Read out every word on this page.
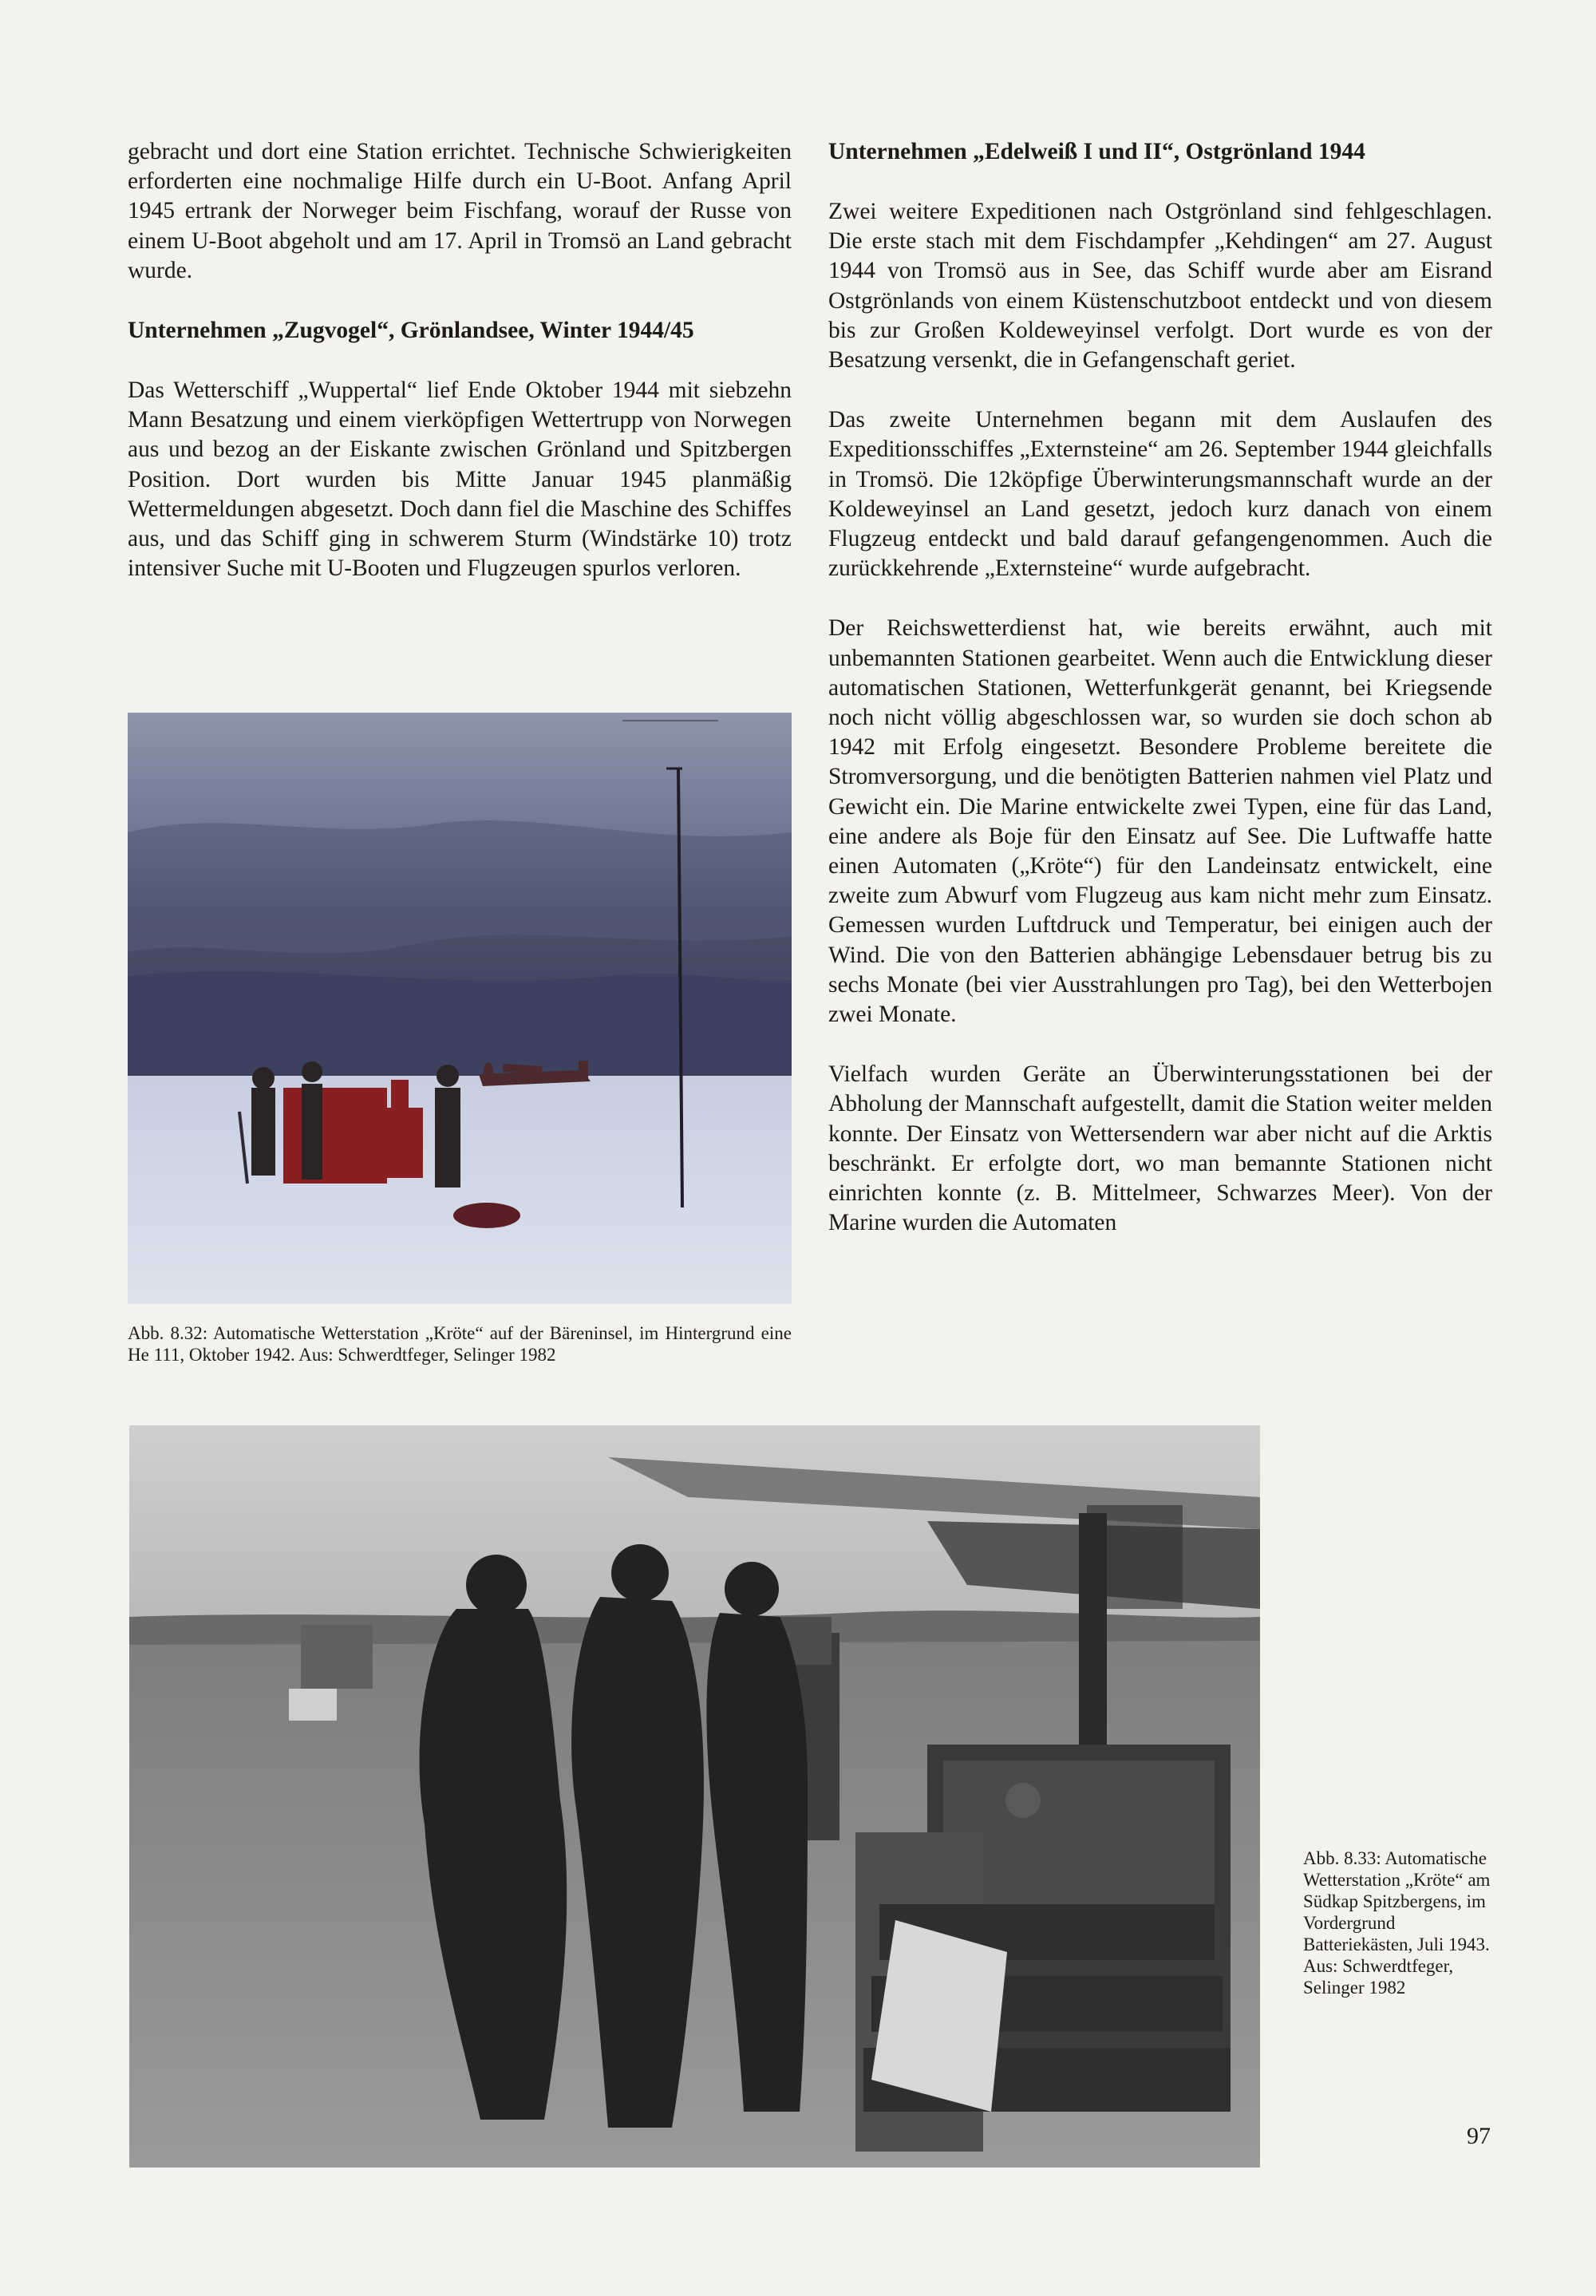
gebracht und dort eine Station errichtet. Technische Schwierigkeiten erforderten eine nochmalige Hilfe durch ein U-Boot. Anfang April 1945 ertrank der Norweger beim Fischfang, worauf der Russe von einem U-Boot abgeholt und am 17. April in Tromsö an Land gebracht wurde.

Unternehmen „Zugvogel“, Grönlandsee, Winter 1944/45

Das Wetterschiff „Wuppertal“ lief Ende Oktober 1944 mit siebzehn Mann Besatzung und einem vierköpfigen Wettertrupp von Norwegen aus und bezog an der Eiskante zwischen Grönland und Spitzbergen Position. Dort wurden bis Mitte Januar 1945 planmäßig Wettermeldungen abgesetzt. Doch dann fiel die Maschine des Schiffes aus, und das Schiff ging in schwerem Sturm (Windstärke 10) trotz intensiver Suche mit U-Booten und Flugzeugen spurlos verloren.

Unternehmen „Edelweiß I und II“, Ostgrönland 1944

Zwei weitere Expeditionen nach Ostgrönland sind fehlgeschlagen. Die erste stach mit dem Fischdampfer „Kehdingen“ am 27. August 1944 von Tromsö aus in See, das Schiff wurde aber am Eisrand Ostgrönlands von einem Küstenschutzboot entdeckt und von diesem bis zur Großen Koldeweyinsel verfolgt. Dort wurde es von der Besatzung versenkt, die in Gefangenschaft geriet.

Das zweite Unternehmen begann mit dem Auslaufen des Expeditionsschiffes „Externsteine“ am 26. September 1944 gleichfalls in Tromsö. Die 12köpfige Überwinterungsmannschaft wurde an der Koldeweyinsel an Land gesetzt, jedoch kurz danach von einem Flugzeug entdeckt und bald darauf gefangengenommen. Auch die zurückkehrende „Externsteine“ wurde aufgebracht.

Der Reichswetterdienst hat, wie bereits erwähnt, auch mit unbemannten Stationen gearbeitet. Wenn auch die Entwicklung dieser automatischen Stationen, Wetterfunkgerät genannt, bei Kriegsende noch nicht völlig abgeschlossen war, so wurden sie doch schon ab 1942 mit Erfolg eingesetzt. Besondere Probleme bereitete die Stromversorgung, und die benötigten Batterien nahmen viel Platz und Gewicht ein. Die Marine entwickelte zwei Typen, eine für das Land, eine andere als Boje für den Einsatz auf See. Die Luftwaffe hatte einen Automaten („Kröte“) für den Landeinsatz entwickelt, eine zweite zum Abwurf vom Flugzeug aus kam nicht mehr zum Einsatz. Gemessen wurden Luftdruck und Temperatur, bei einigen auch der Wind. Die von den Batterien abhängige Lebensdauer betrug bis zu sechs Monate (bei vier Ausstrahlungen pro Tag), bei den Wetterbojen zwei Monate.

Vielfach wurden Geräte an Überwinterungsstationen bei der Abholung der Mannschaft aufgestellt, damit die Station weiter melden konnte. Der Einsatz von Wettersendern war aber nicht auf die Arktis beschränkt. Er erfolgte dort, wo man bemannte Stationen nicht einrichten konnte (z. B. Mittelmeer, Schwarzes Meer). Von der Marine wurden die Automaten

Abb. 8.32: Automatische Wetterstation „Kröte“ auf der Bäreninsel, im Hintergrund eine He 111, Oktober 1942. Aus: Schwerdtfeger, Selinger 1982
Abb. 8.33: Automatische Wetterstation „Kröte“ am Südkap Spitzbergens, im Vordergrund Batteriekästen, Juli 1943. Aus: Schwerdtfeger, Selinger 1982
97
